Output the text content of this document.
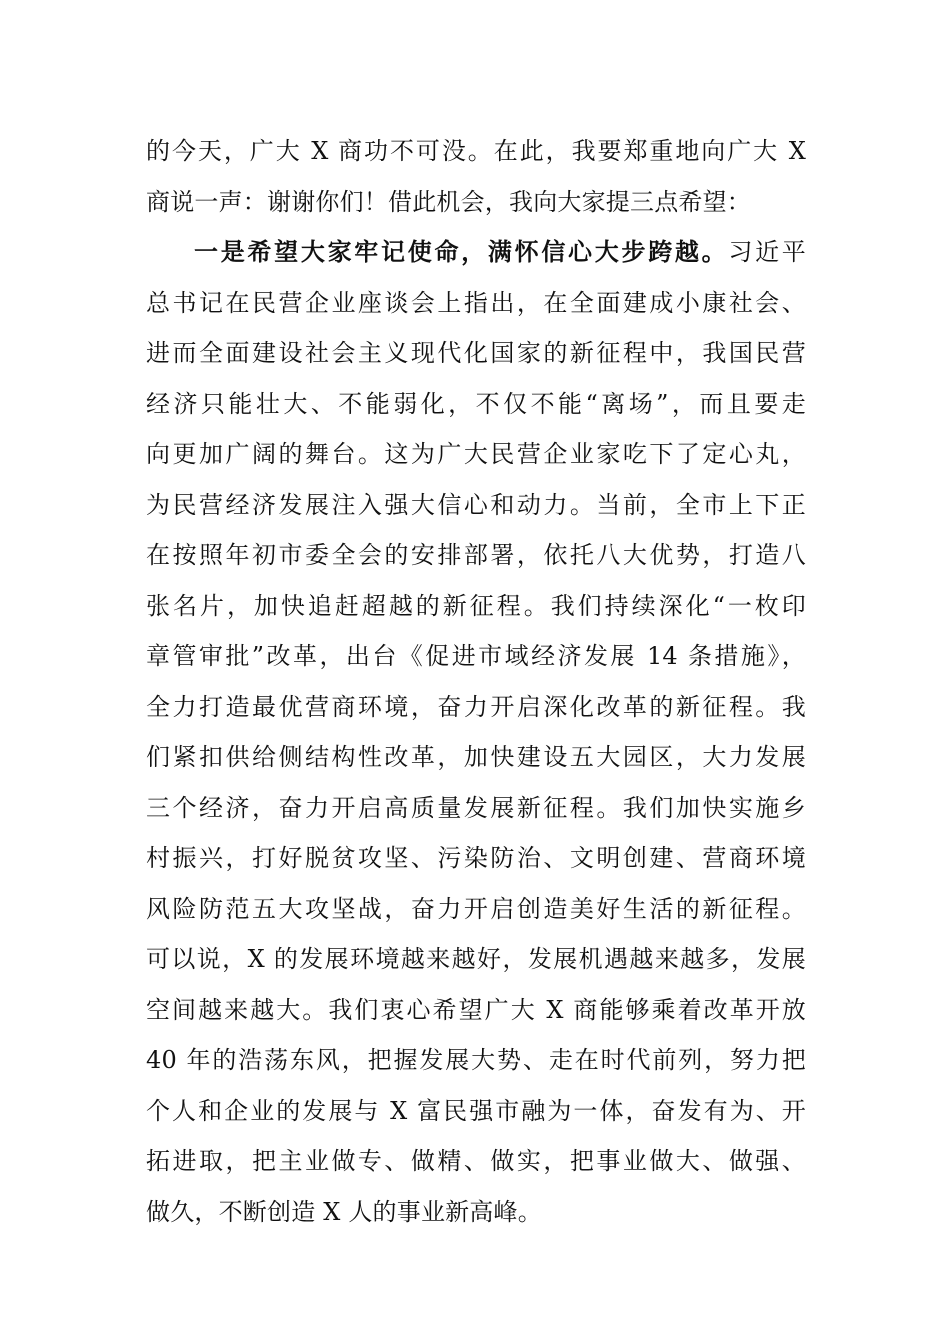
的今天，广大 X 商功不可没。在此，我要郑重地向广大 X
商说一声：谢谢你们！借此机会，我向大家提三点希望：
一是希望大家牢记使命，满怀信心大步跨越。习近平
总书记在民营企业座谈会上指出，在全面建成小康社会、
进而全面建设社会主义现代化国家的新征程中，我国民营
经济只能壮大、不能弱化，不仅不能“离场”，而且要走
向更加广阔的舞台。这为广大民营企业家吃下了定心丸，
为民营经济发展注入强大信心和动力。当前，全市上下正
在按照年初市委全会的安排部署，依托八大优势，打造八
张名片，加快追赶超越的新征程。我们持续深化“一枚印
章管审批”改革，出台《促进市域经济发展 14 条措施》，
全力打造最优营商环境，奋力开启深化改革的新征程。我
们紧扣供给侧结构性改革，加快建设五大园区，大力发展
三个经济，奋力开启高质量发展新征程。我们加快实施乡
村振兴，打好脱贫攻坚、污染防治、文明创建、营商环境
风险防范五大攻坚战，奋力开启创造美好生活的新征程。
可以说，X 的发展环境越来越好，发展机遇越来越多，发展
空间越来越大。我们衷心希望广大 X 商能够乘着改革开放
40 年的浩荡东风，把握发展大势、走在时代前列，努力把
个人和企业的发展与 X 富民强市融为一体，奋发有为、开
拓进取，把主业做专、做精、做实，把事业做大、做强、
做久，不断创造 X 人的事业新高峰。
